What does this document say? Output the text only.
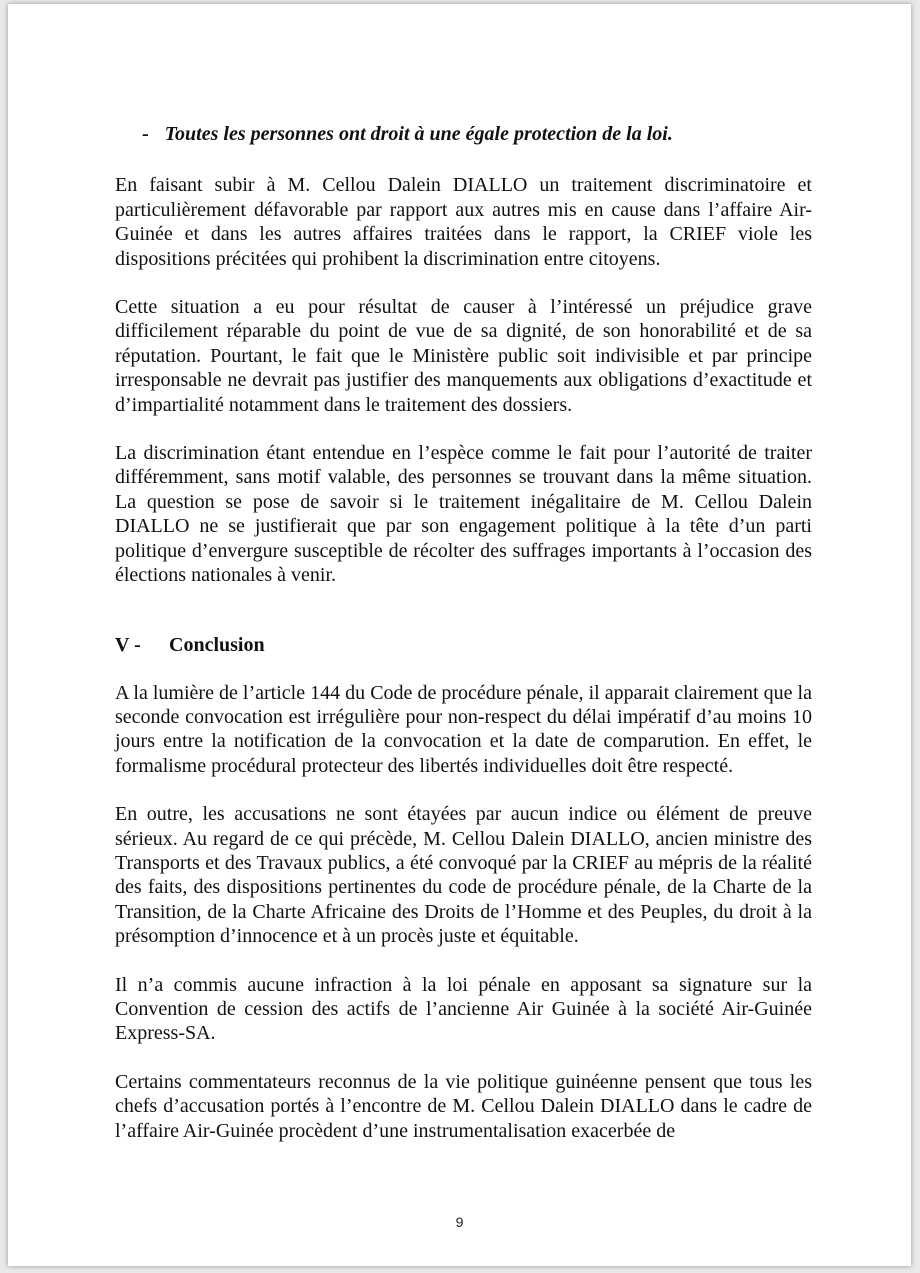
- Toutes les personnes ont droit à une égale protection de la loi.

En faisant subir à M. Cellou Dalein DIALLO un traitement discriminatoire et particulièrement défavorable par rapport aux autres mis en cause dans l’affaire Air-Guinée et dans les autres affaires traitées dans le rapport, la CRIEF viole les dispositions précitées qui prohibent la discrimination entre citoyens.

Cette situation a eu pour résultat de causer à l’intéressé un préjudice grave difficilement réparable du point de vue de sa dignité, de son honorabilité et de sa réputation. Pourtant, le fait que le Ministère public soit indivisible et par principe irresponsable ne devrait pas justifier des manquements aux obligations d’exactitude et d’impartialité notamment dans le traitement des dossiers.

La discrimination étant entendue en l’espèce comme le fait pour l’autorité de traiter différemment, sans motif valable, des personnes se trouvant dans la même situation. La question se pose de savoir si le traitement inégalitaire de M. Cellou Dalein DIALLO ne se justifierait que par son engagement politique à la tête d’un parti politique d’envergure susceptible de récolter des suffrages importants à l’occasion des élections nationales à venir.

V - Conclusion

A la lumière de l’article 144 du Code de procédure pénale, il apparait clairement que la seconde convocation est irrégulière pour non-respect du délai impératif d’au moins 10 jours entre la notification de la convocation et la date de comparution. En effet, le formalisme procédural protecteur des libertés individuelles doit être respecté.

En outre, les accusations ne sont étayées par aucun indice ou élément de preuve sérieux. Au regard de ce qui précède, M. Cellou Dalein DIALLO, ancien ministre des Transports et des Travaux publics, a été convoqué par la CRIEF au mépris de la réalité des faits, des dispositions pertinentes du code de procédure pénale, de la Charte de la Transition, de la Charte Africaine des Droits de l’Homme et des Peuples, du droit à la présomption d’innocence et à un procès juste et équitable.

Il n’a commis aucune infraction à la loi pénale en apposant sa signature sur la Convention de cession des actifs de l’ancienne Air Guinée à la société Air-Guinée Express-SA.

Certains commentateurs reconnus de la vie politique guinéenne pensent que tous les chefs d’accusation portés à l’encontre de M. Cellou Dalein DIALLO dans le cadre de l’affaire Air-Guinée procèdent d’une instrumentalisation exacerbée de

9
